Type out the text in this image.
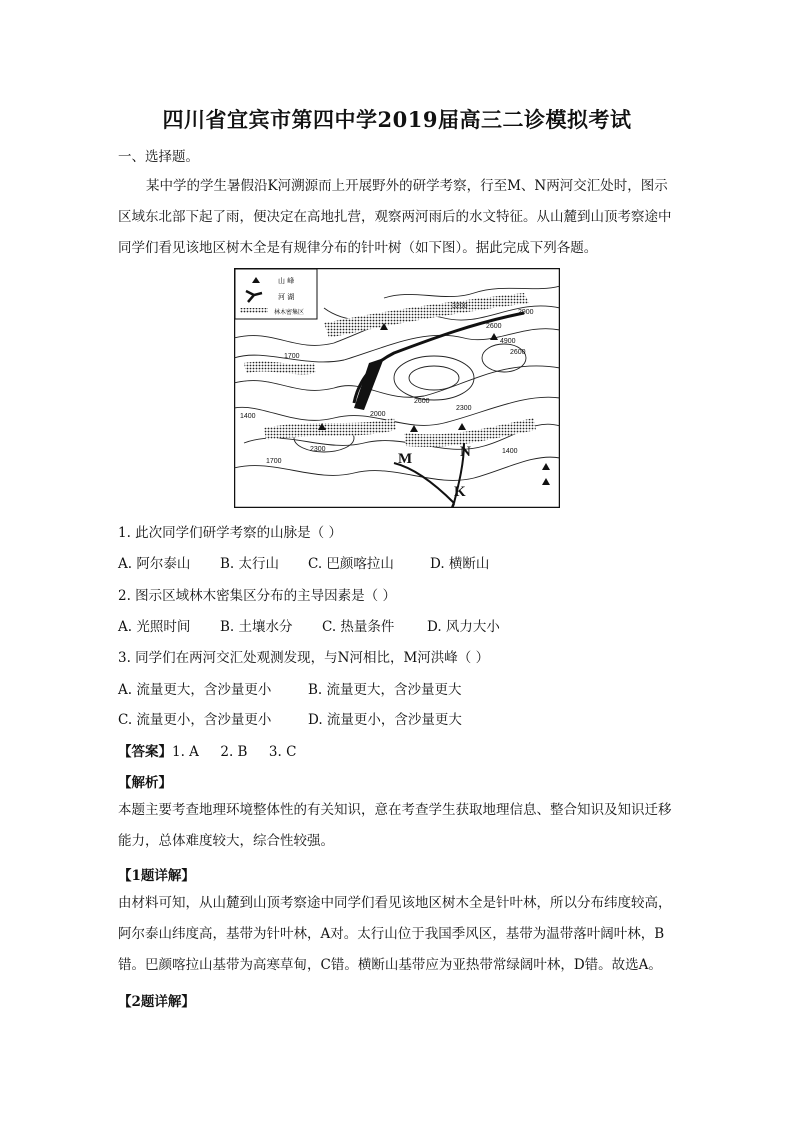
四川省宜宾市第四中学2019届高三二诊模拟考试
一、选择题。
某中学的学生暑假沿K河溯源而上开展野外的研学考察，行至M、N两河交汇处时，图示区域东北部下起了雨，便决定在高地扎营，观察两河雨后的水文特征。从山麓到山顶考察途中同学们看见该地区树木全是有规律分布的针叶树（如下图）。据此完成下列各题。
山 峰
河 湖
林木密集区	2900
3200
2600
4900
2600
1700
1400	2000
2600
2300
2300	1400
1700	M	N
K
1. 此次同学们研学考察的山脉是（ ）
A. 阿尔泰山 B. 太行山 C. 巴颜喀拉山	D. 横断山
2. 图示区域林木密集区分布的主导因素是（ ）
A. 光照时间 B. 土壤水分 C. 热量条件 D. 风力大小
3. 同学们在两河交汇处观测发现，与N河相比，M河洪峰（ ）
A. 流量更大，含沙量更小	B. 流量更大，含沙量更大
C. 流量更小，含沙量更小	D. 流量更小，含沙量更大
【答案】1. A     2. B     3. C
【解析】
本题主要考查地理环境整体性的有关知识，意在考查学生获取地理信息、整合知识及知识迁移能力，总体难度较大，综合性较强。
【1题详解】
由材料可知，从山麓到山顶考察途中同学们看见该地区树木全是针叶林，所以分布纬度较高，阿尔泰山纬度高，基带为针叶林，A对。太行山位于我国季风区，基带为温带落叶阔叶林，B错。巴颜喀拉山基带为高寒草甸，C错。横断山基带应为亚热带常绿阔叶林，D错。故选A。
【2题详解】
